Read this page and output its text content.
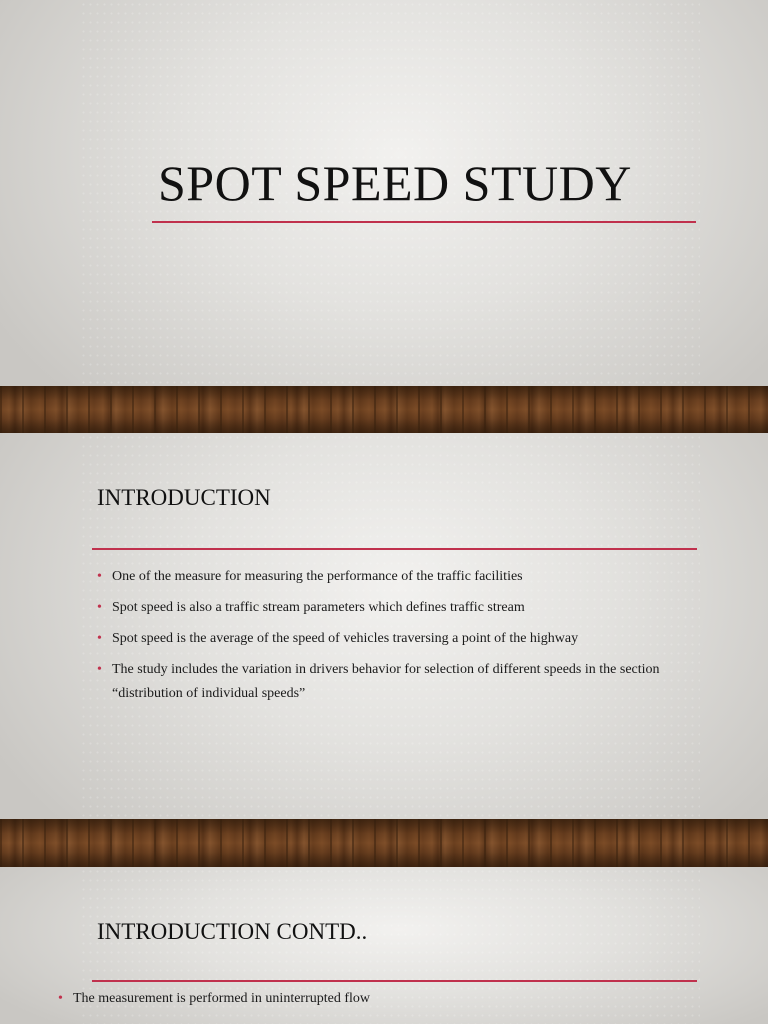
SPOT SPEED STUDY
INTRODUCTION
• One of the measure for measuring the performance of the traffic facilities
• Spot speed is also a traffic stream parameters which defines traffic stream
• Spot speed is the average of the speed of vehicles traversing a point of the highway
• The study includes the variation in drivers behavior for selection of different speeds in the section “distribution of individual speeds”
INTRODUCTION CONTD..
• The measurement is performed in uninterrupted flow
